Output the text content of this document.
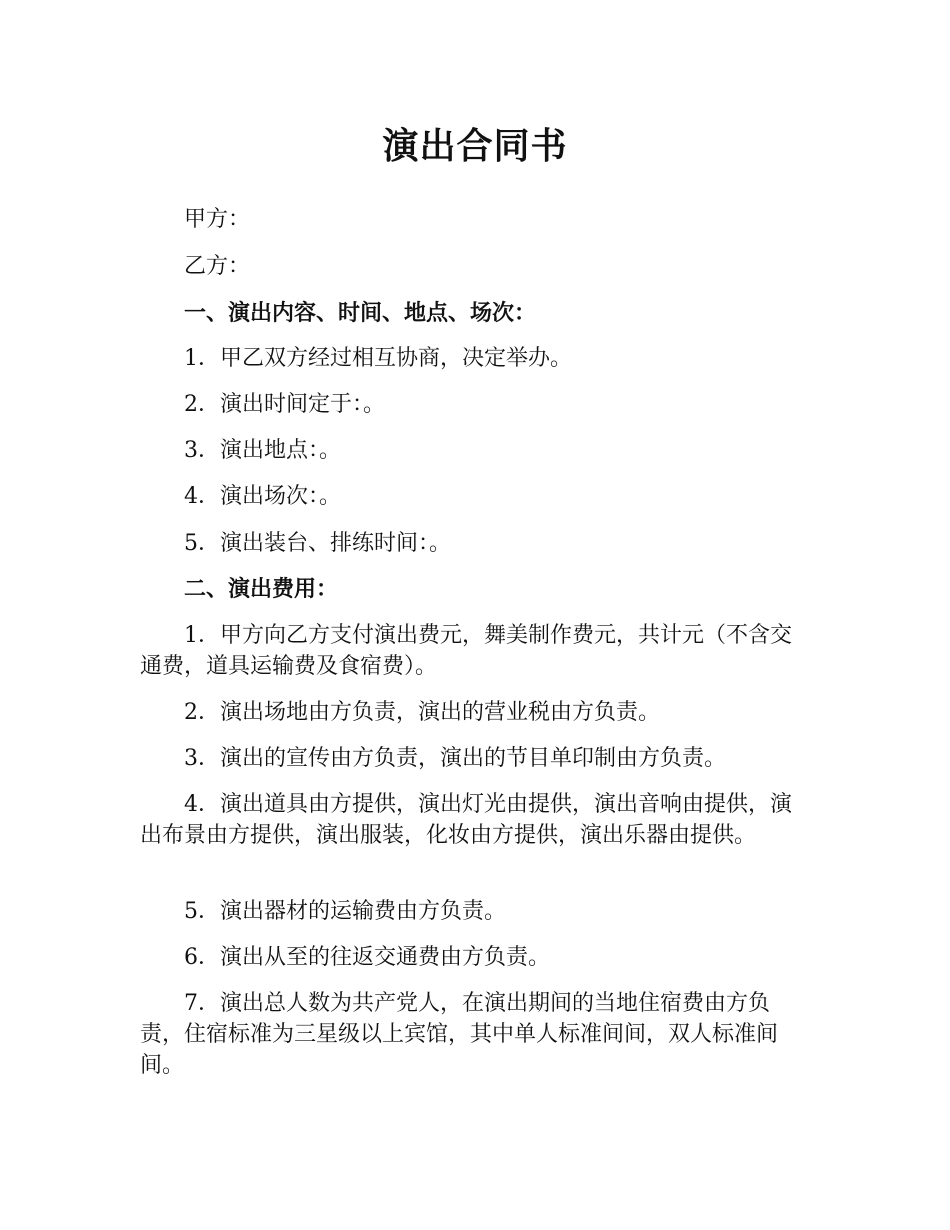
演出合同书

甲方：

乙方：

一、演出内容、时间、地点、场次：

1．甲乙双方经过相互协商，决定举办。

2．演出时间定于：。

3．演出地点：。

4．演出场次：。

5．演出装台、排练时间：。

二、演出费用：

1．甲方向乙方支付演出费元，舞美制作费元，共计元（不含交通费，道具运输费及食宿费）。

2．演出场地由方负责，演出的营业税由方负责。

3．演出的宣传由方负责，演出的节目单印制由方负责。

4．演出道具由方提供，演出灯光由提供，演出音响由提供，演出布景由方提供，演出服装，化妆由方提供，演出乐器由提供。

5．演出器材的运输费由方负责。

6．演出从至的往返交通费由方负责。

7．演出总人数为共产党人，在演出期间的当地住宿费由方负责，住宿标准为三星级以上宾馆，其中单人标准间间，双人标准间间。
